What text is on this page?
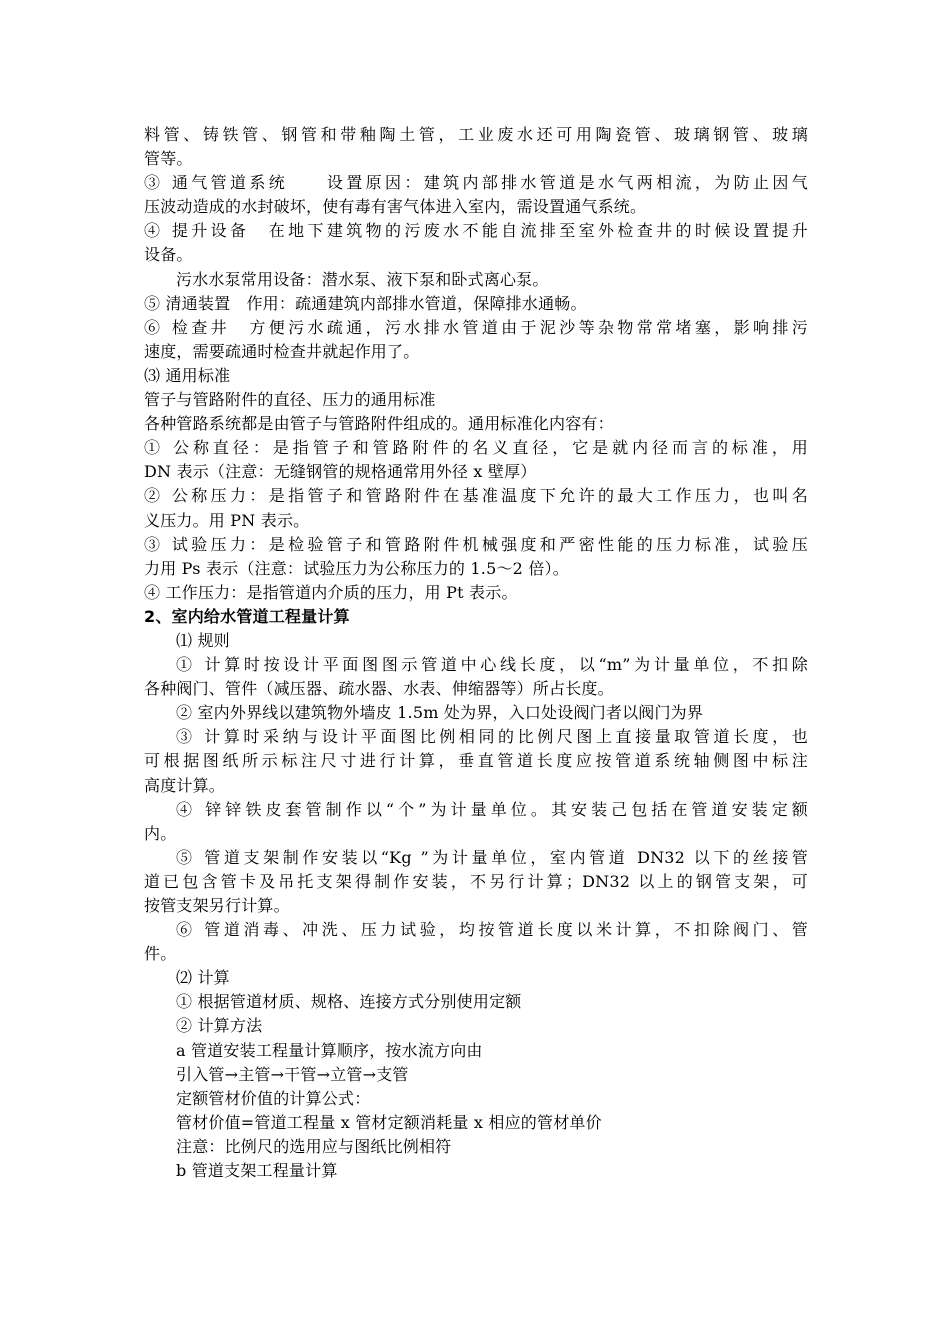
料管、铸铁管、钢管和带釉陶土管，工业废水还可用陶瓷管、玻璃钢管、玻璃
管等。
③ 通气管道系统　　设置原因：建筑内部排水管道是水气两相流，为防止因气
压波动造成的水封破坏，使有毒有害气体进入室内，需设置通气系统。
④ 提升设备　在地下建筑物的污废水不能自流排至室外检查井的时候设置提升
设备。
污水水泵常用设备：潜水泵、液下泵和卧式离心泵。
⑤ 清通装置　作用：疏通建筑内部排水管道，保障排水通畅。
⑥ 检查井　方便污水疏通，污水排水管道由于泥沙等杂物常常堵塞，影响排污
速度，需要疏通时检查井就起作用了。
⑶ 通用标准
管子与管路附件的直径、压力的通用标准
各种管路系统都是由管子与管路附件组成的。通用标准化内容有：
① 公称直径：是指管子和管路附件的名义直径，它是就内径而言的标准，用
DN 表示（注意：无缝钢管的规格通常用外径 x 壁厚）
② 公称压力：是指管子和管路附件在基准温度下允许的最大工作压力，也叫名
义压力。用 PN 表示。
③ 试验压力：是检验管子和管路附件机械强度和严密性能的压力标准，试验压
力用 Ps 表示（注意：试验压力为公称压力的 1.5～2 倍）。
④ 工作压力：是指管道内介质的压力，用 Pt 表示。
2、室内给水管道工程量计算
⑴ 规则
① 计算时按设计平面图图示管道中心线长度，以“m”为计量单位，不扣除
各种阀门、管件（减压器、疏水器、水表、伸缩器等）所占长度。
② 室内外界线以建筑物外墙皮 1.5m 处为界，入口处设阀门者以阀门为界
③ 计算时采纳与设计平面图比例相同的比例尺图上直接量取管道长度，也
可根据图纸所示标注尺寸进行计算，垂直管道长度应按管道系统轴侧图中标注
高度计算。
④ 锌锌铁皮套管制作以“个”为计量单位。其安装己包括在管道安装定额
内。
⑤ 管道支架制作安装以“Kg ”为计量单位，室内管道 DN32 以下的丝接管
道已包含管卡及吊托支架得制作安装，不另行计算；DN32 以上的钢管支架，可
按管支架另行计算。
⑥ 管道消毒、冲洗、压力试验，均按管道长度以米计算，不扣除阀门、管
件。
⑵ 计算
① 根据管道材质、规格、连接方式分别使用定额
② 计算方法
a 管道安装工程量计算顺序，按水流方向由
引入管→主管→干管→立管→支管
定额管材价值的计算公式：
管材价值=管道工程量 x 管材定额消耗量 x 相应的管材单价
注意：比例尺的选用应与图纸比例相符
b 管道支架工程量计算
